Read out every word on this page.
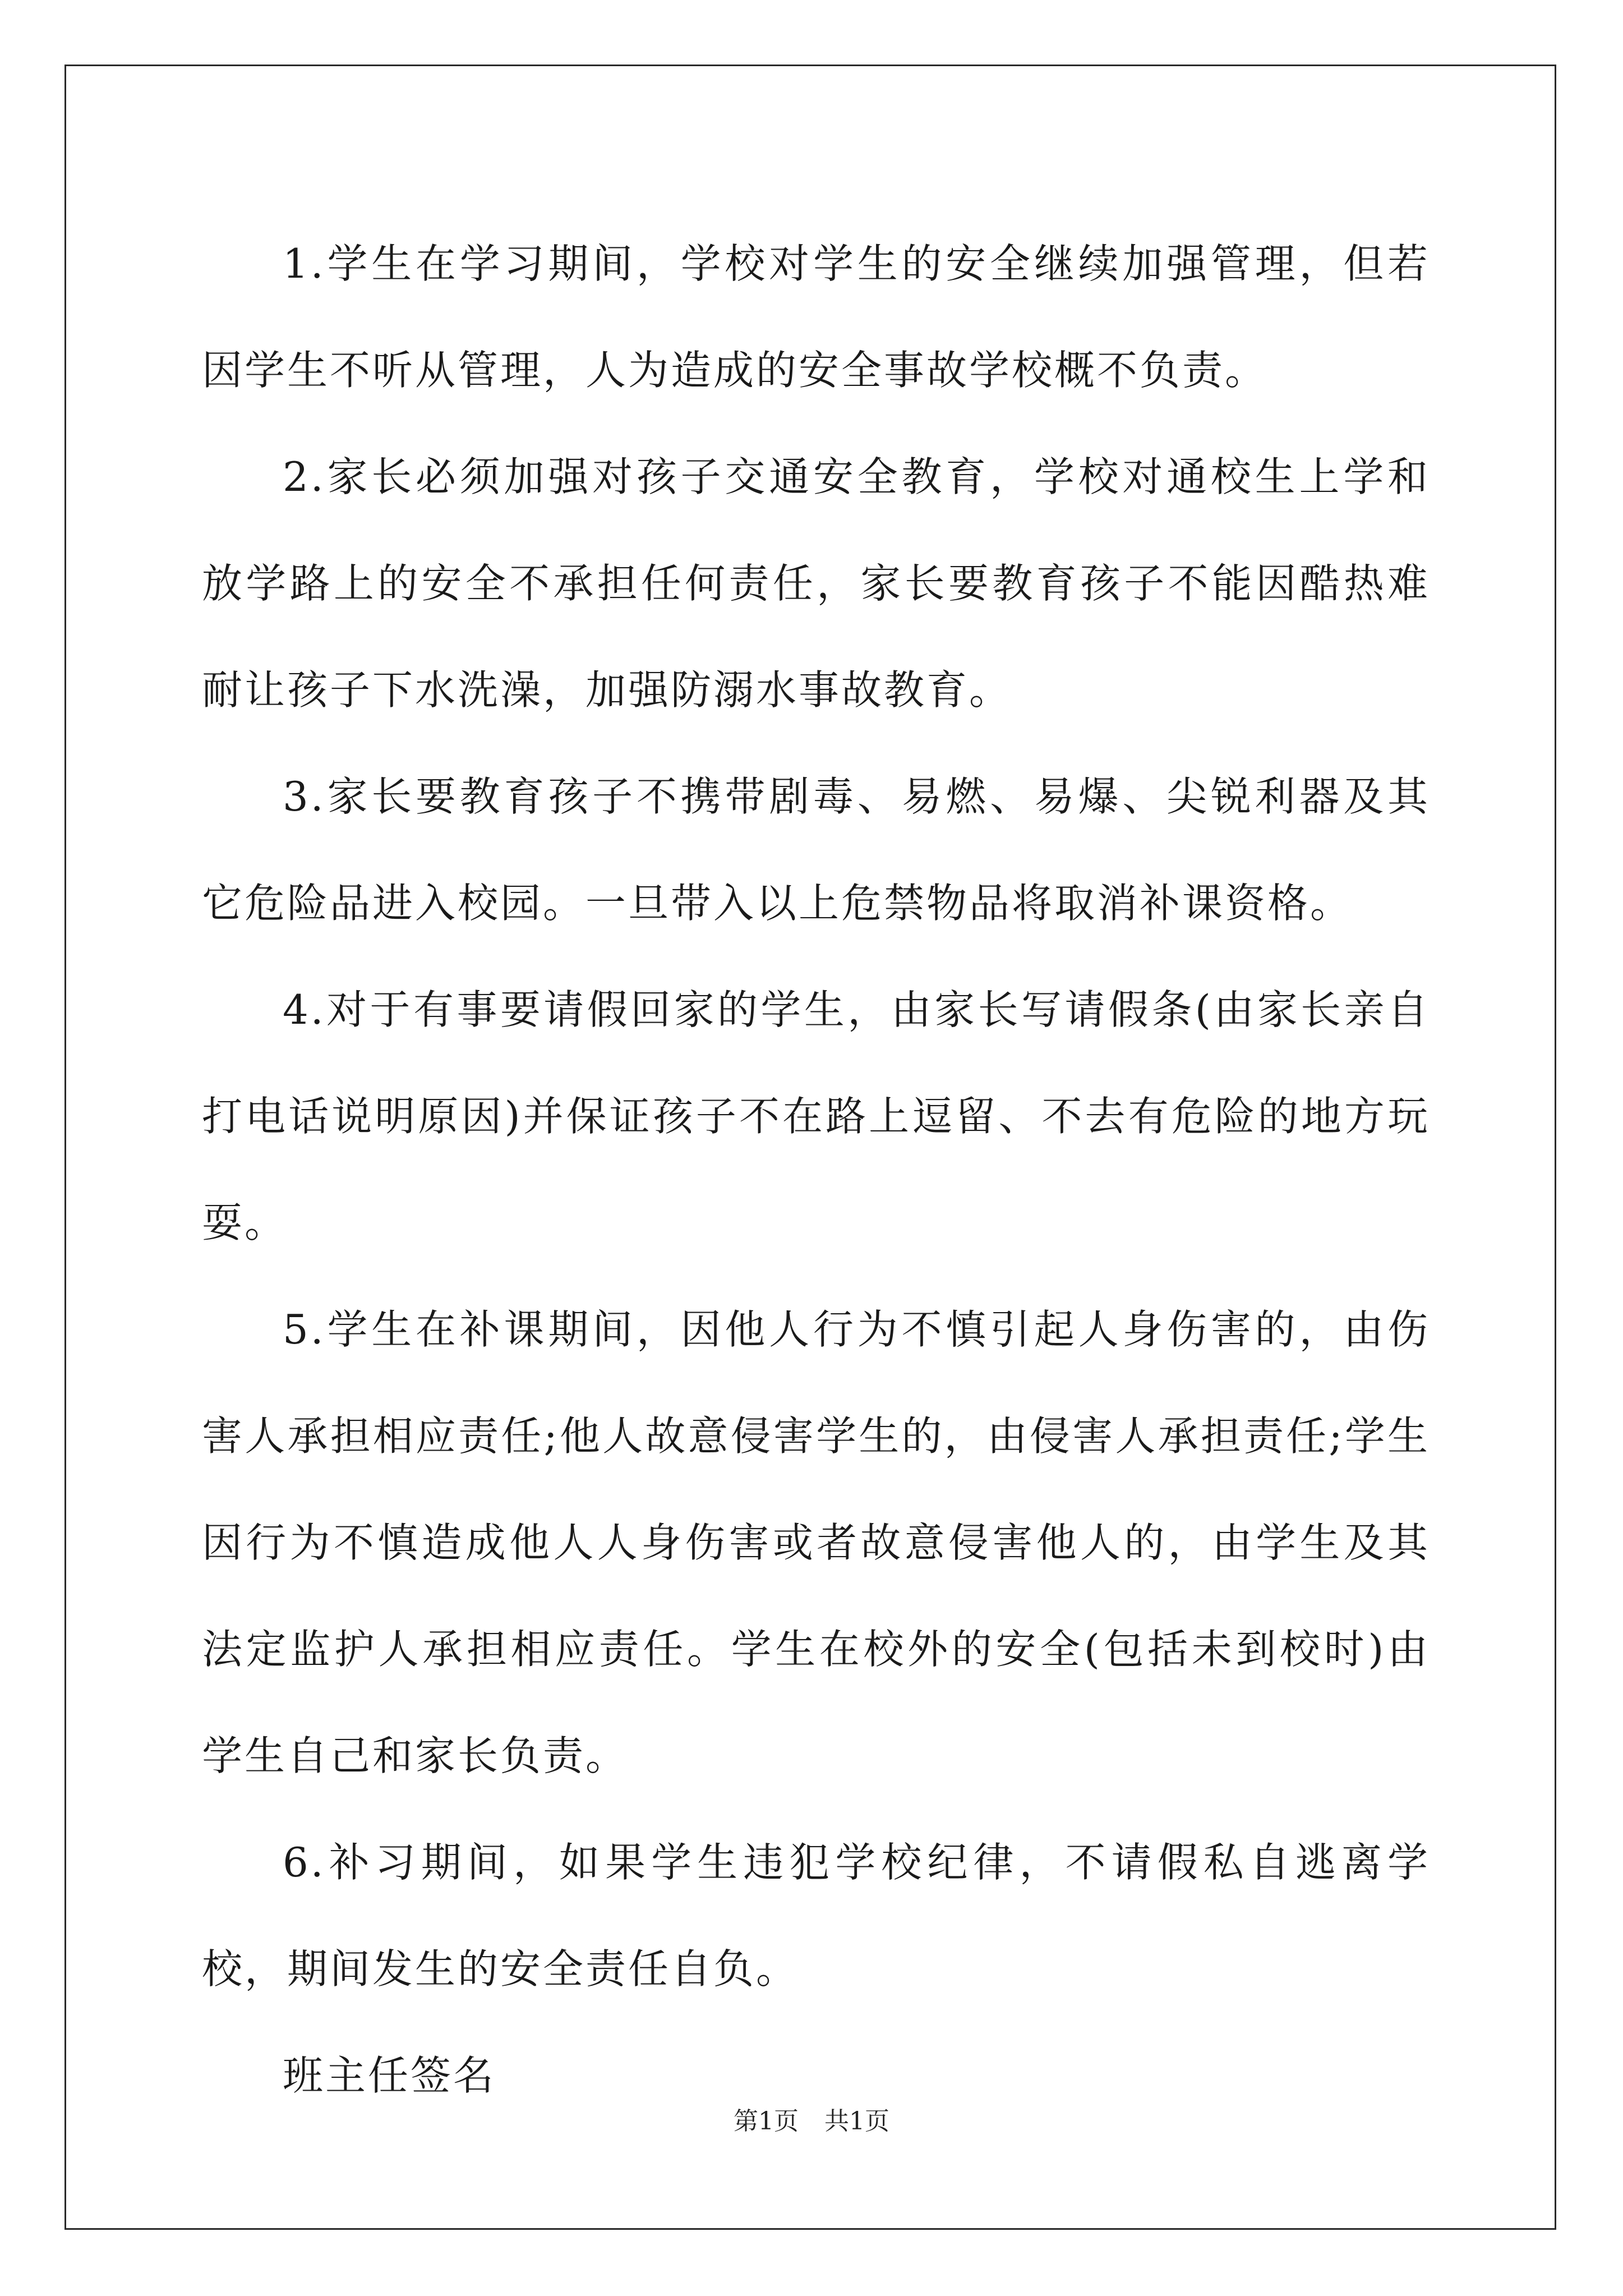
1.学生在学习期间，学校对学生的安全继续加强管理，但若因学生不听从管理，人为造成的安全事故学校概不负责。

2.家长必须加强对孩子交通安全教育，学校对通校生上学和放学路上的安全不承担任何责任，家长要教育孩子不能因酷热难耐让孩子下水洗澡，加强防溺水事故教育。

3.家长要教育孩子不携带剧毒、易燃、易爆、尖锐利器及其它危险品进入校园。一旦带入以上危禁物品将取消补课资格。

4.对于有事要请假回家的学生，由家长写请假条(由家长亲自打电话说明原因)并保证孩子不在路上逗留、不去有危险的地方玩耍。

5.学生在补课期间，因他人行为不慎引起人身伤害的，由伤害人承担相应责任;他人故意侵害学生的，由侵害人承担责任;学生因行为不慎造成他人人身伤害或者故意侵害他人的，由学生及其法定监护人承担相应责任。学生在校外的安全(包括未到校时)由学生自己和家长负责。

6.补习期间，如果学生违犯学校纪律，不请假私自逃离学校，期间发生的安全责任自负。

班主任签名

第1页 共1页
